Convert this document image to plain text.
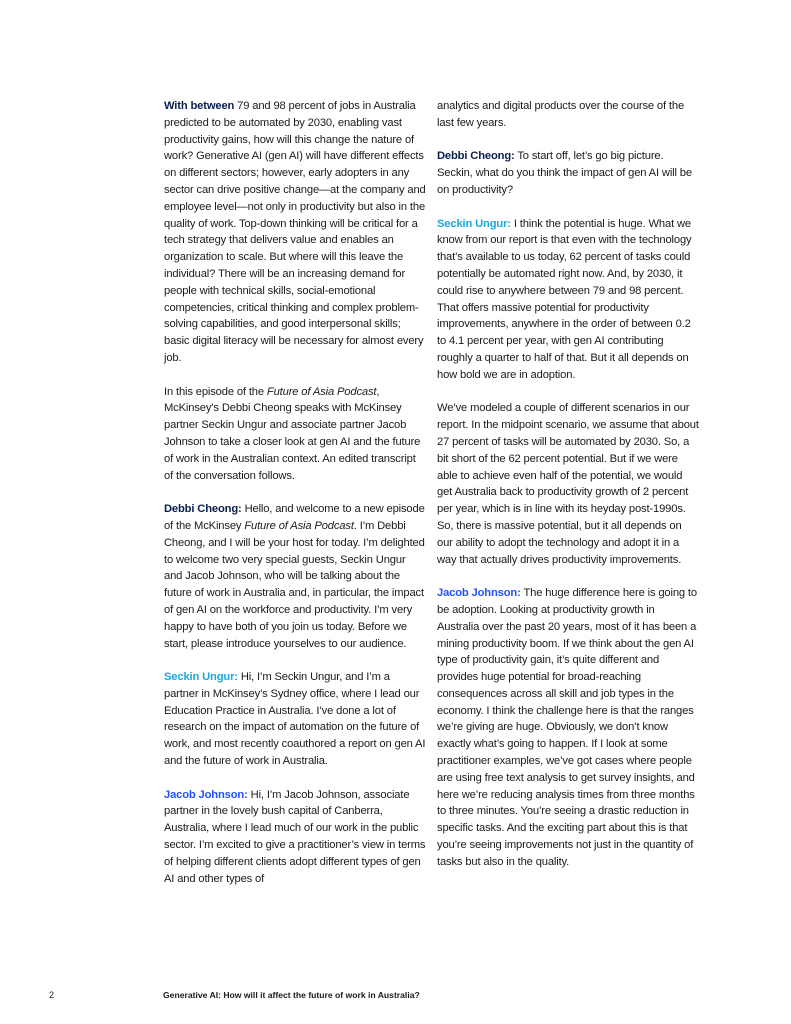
With between 79 and 98 percent of jobs in Australia predicted to be automated by 2030, enabling vast productivity gains, how will this change the nature of work? Generative AI (gen AI) will have different effects on different sectors; however, early adopters in any sector can drive positive change—at the company and employee level—not only in productivity but also in the quality of work. Top-down thinking will be critical for a tech strategy that delivers value and enables an organization to scale. But where will this leave the individual? There will be an increasing demand for people with technical skills, social-emotional competencies, critical thinking and complex problem-solving capabilities, and good interpersonal skills; basic digital literacy will be necessary for almost every job.

In this episode of the Future of Asia Podcast, McKinsey’s Debbi Cheong speaks with McKinsey partner Seckin Ungur and associate partner Jacob Johnson to take a closer look at gen AI and the future of work in the Australian context. An edited transcript of the conversation follows.

Debbi Cheong: Hello, and welcome to a new episode of the McKinsey Future of Asia Podcast. I’m Debbi Cheong, and I will be your host for today. I’m delighted to welcome two very special guests, Seckin Ungur and Jacob Johnson, who will be talking about the future of work in Australia and, in particular, the impact of gen AI on the workforce and productivity. I’m very happy to have both of you join us today. Before we start, please introduce yourselves to our audience.

Seckin Ungur: Hi, I’m Seckin Ungur, and I’m a partner in McKinsey’s Sydney office, where I lead our Education Practice in Australia. I’ve done a lot of research on the impact of automation on the future of work, and most recently coauthored a report on gen AI and the future of work in Australia.

Jacob Johnson: Hi, I’m Jacob Johnson, associate partner in the lovely bush capital of Canberra, Australia, where I lead much of our work in the public sector. I’m excited to give a practitioner’s view in terms of helping different clients adopt different types of gen AI and other types of

analytics and digital products over the course of the last few years.

Debbi Cheong: To start off, let’s go big picture. Seckin, what do you think the impact of gen AI will be on productivity?

Seckin Ungur: I think the potential is huge. What we know from our report is that even with the technology that’s available to us today, 62 percent of tasks could potentially be automated right now. And, by 2030, it could rise to anywhere between 79 and 98 percent. That offers massive potential for productivity improvements, anywhere in the order of between 0.2 to 4.1 percent per year, with gen AI contributing roughly a quarter to half of that. But it all depends on how bold we are in adoption.

We’ve modeled a couple of different scenarios in our report. In the midpoint scenario, we assume that about 27 percent of tasks will be automated by 2030. So, a bit short of the 62 percent potential. But if we were able to achieve even half of the potential, we would get Australia back to productivity growth of 2 percent per year, which is in line with its heyday post-1990s. So, there is massive potential, but it all depends on our ability to adopt the technology and adopt it in a way that actually drives productivity improvements.

Jacob Johnson: The huge difference here is going to be adoption. Looking at productivity growth in Australia over the past 20 years, most of it has been a mining productivity boom. If we think about the gen AI type of productivity gain, it’s quite different and provides huge potential for broad-reaching consequences across all skill and job types in the economy. I think the challenge here is that the ranges we’re giving are huge. Obviously, we don’t know exactly what’s going to happen. If I look at some practitioner examples, we’ve got cases where people are using free text analysis to get survey insights, and here we’re reducing analysis times from three months to three minutes. You’re seeing a drastic reduction in specific tasks. And the exciting part about this is that you’re seeing improvements not just in the quantity of tasks but also in the quality.

2	Generative AI: How will it affect the future of work in Australia?
